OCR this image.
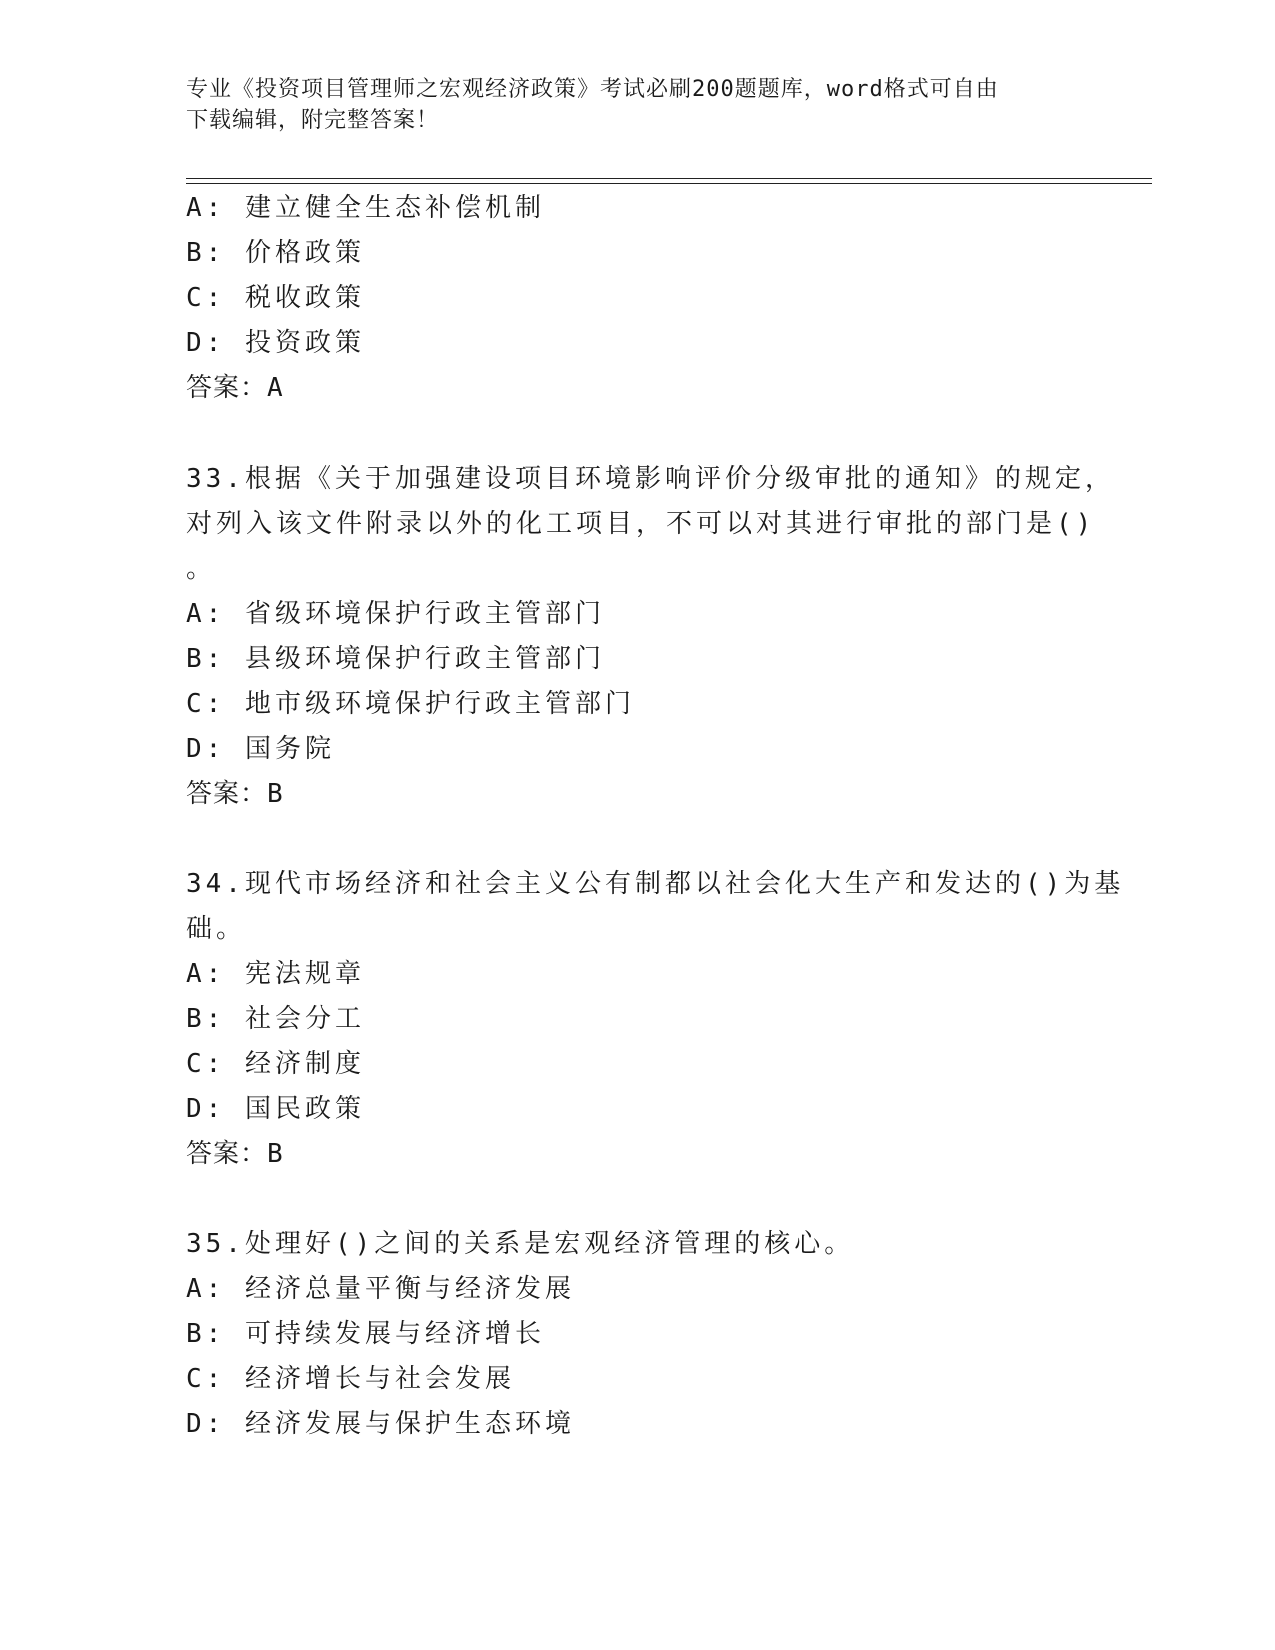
专业《投资项目管理师之宏观经济政策》考试必刷200题题库，word格式可自由
下载编辑，附完整答案！
A: 建立健全生态补偿机制
B: 价格政策
C: 税收政策
D: 投资政策
答案：A
33.根据《关于加强建设项目环境影响评价分级审批的通知》的规定，
对列入该文件附录以外的化工项目，不可以对其进行审批的部门是()
。
A: 省级环境保护行政主管部门
B: 县级环境保护行政主管部门
C: 地市级环境保护行政主管部门
D: 国务院
答案：B
34.现代市场经济和社会主义公有制都以社会化大生产和发达的()为基
础。
A: 宪法规章
B: 社会分工
C: 经济制度
D: 国民政策
答案：B
35.处理好()之间的关系是宏观经济管理的核心。
A: 经济总量平衡与经济发展
B: 可持续发展与经济增长
C: 经济增长与社会发展
D: 经济发展与保护生态环境
